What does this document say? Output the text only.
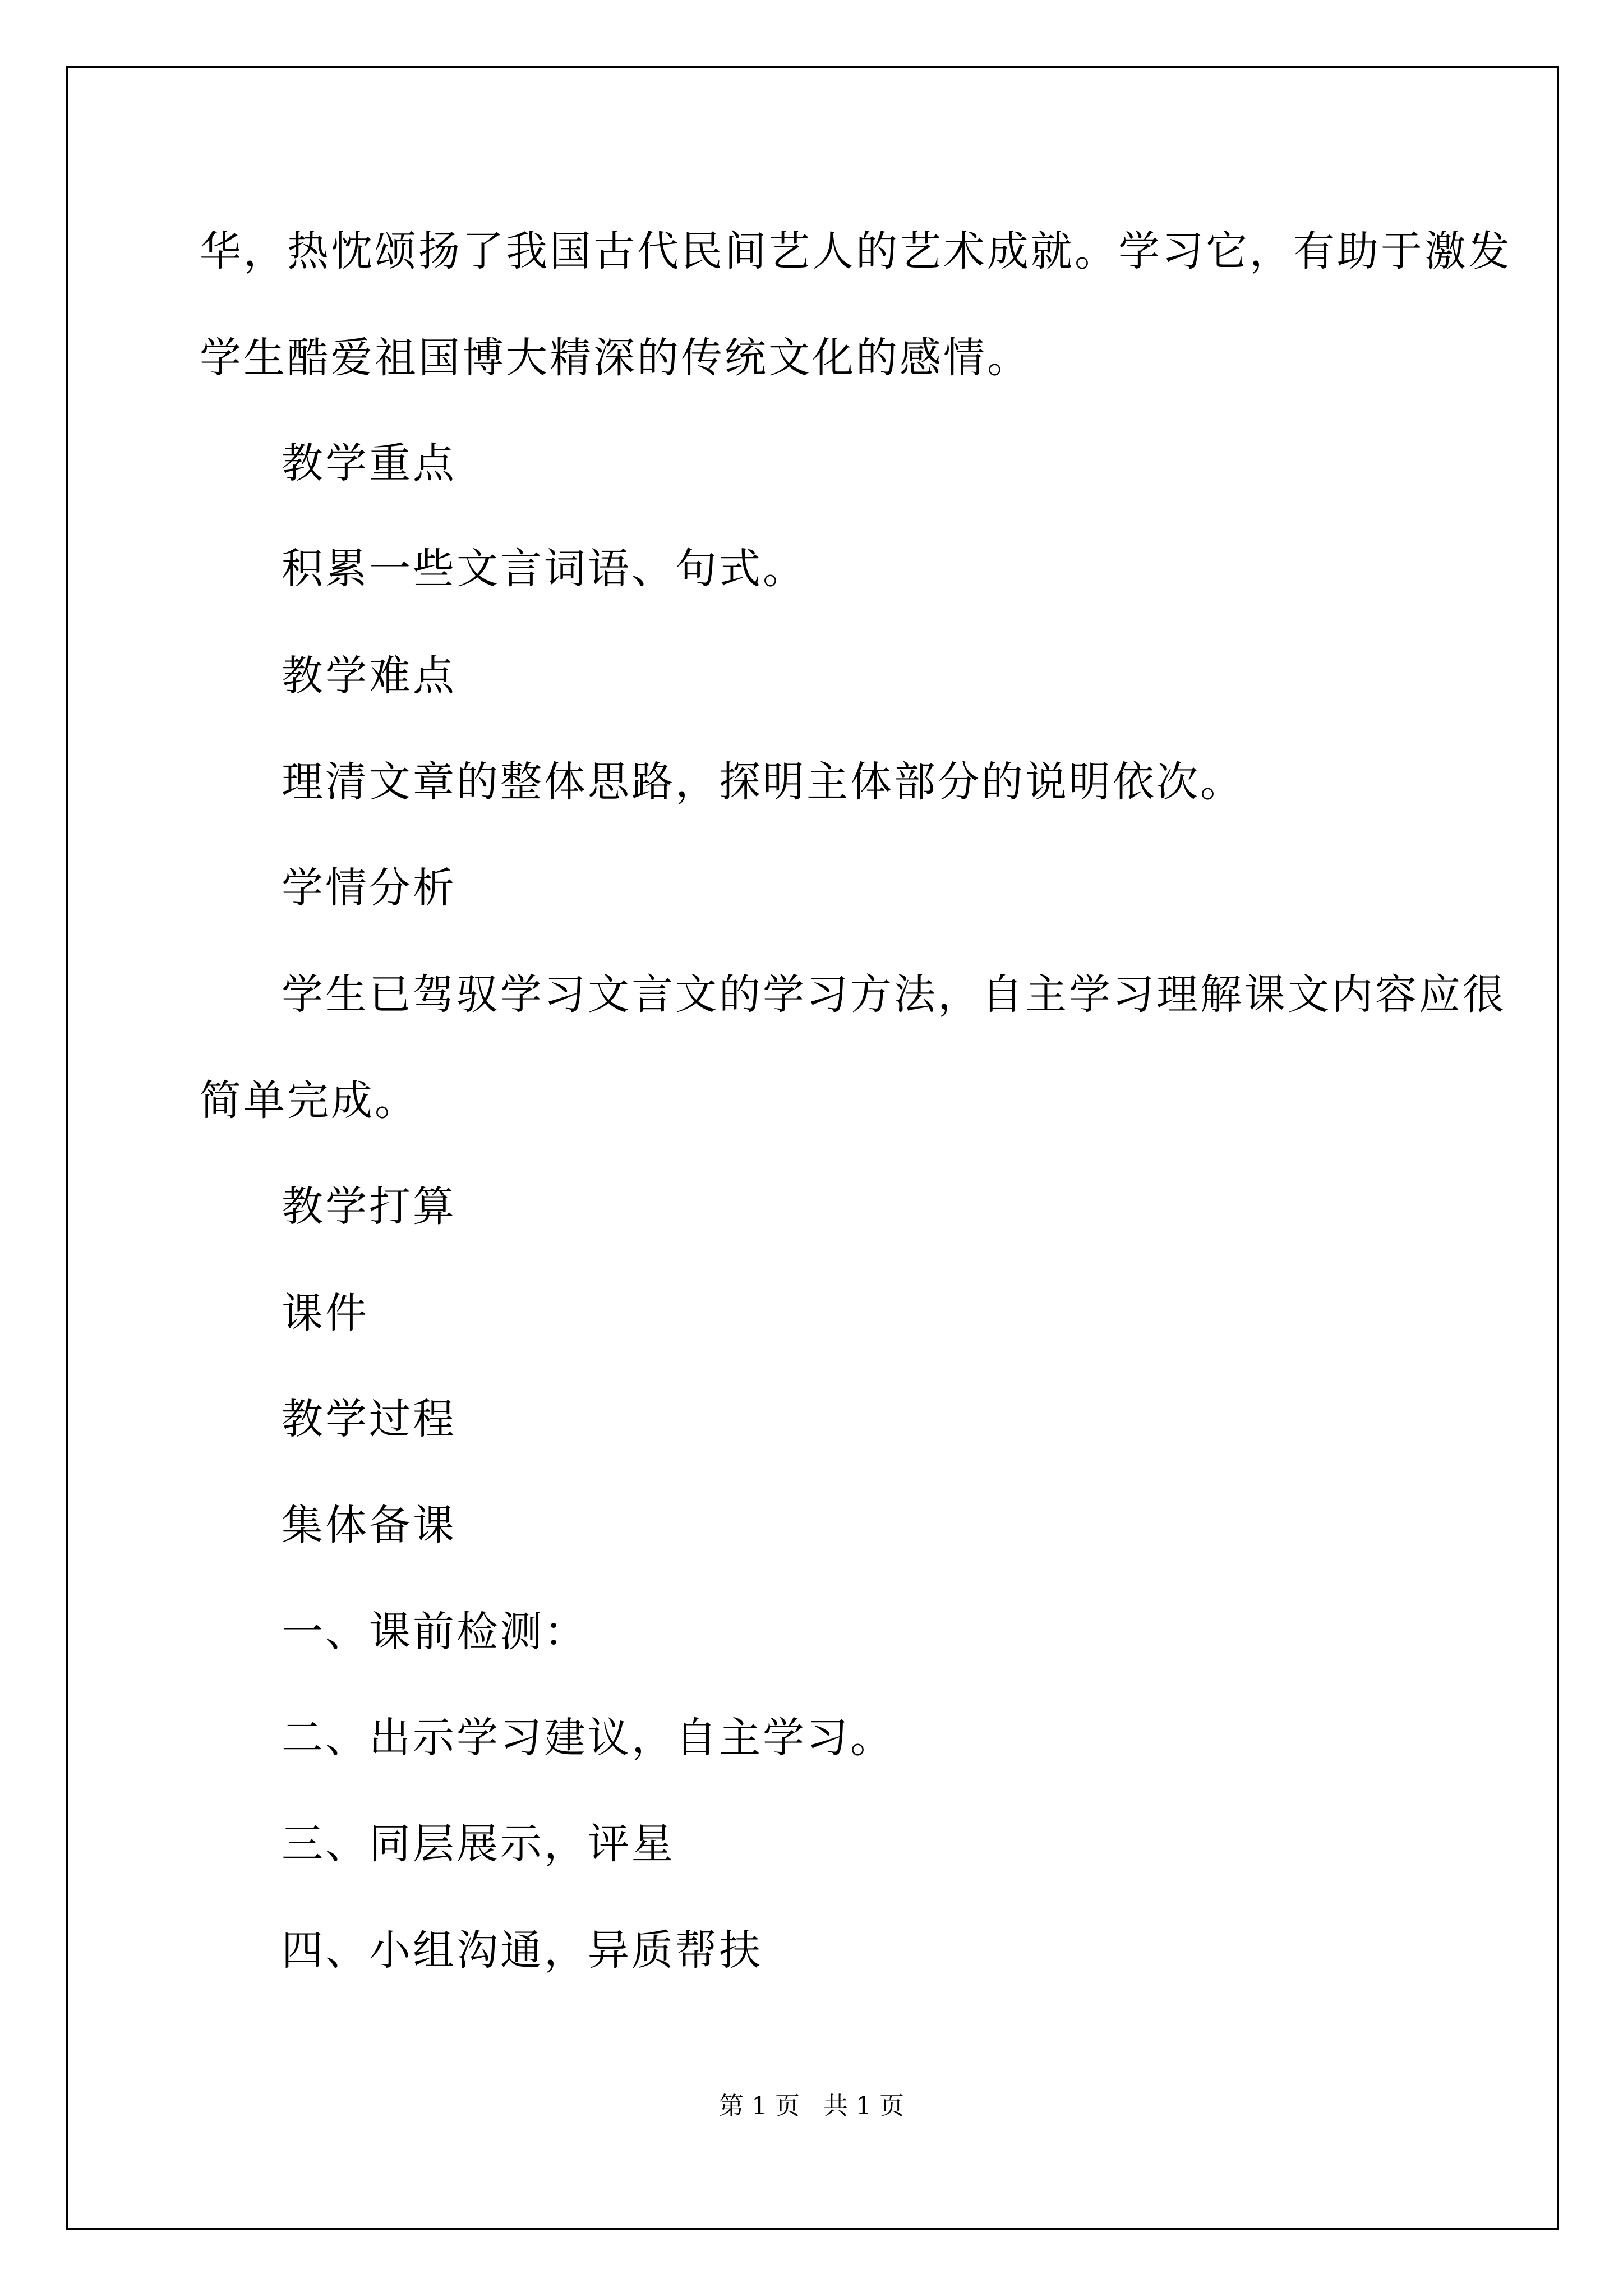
华，热忱颂扬了我国古代民间艺人的艺术成就。学习它，有助于激发
学生酷爱祖国博大精深的传统文化的感情。
教学重点
积累一些文言词语、句式。
教学难点
理清文章的整体思路，探明主体部分的说明依次。
学情分析
学生已驾驭学习文言文的学习方法，自主学习理解课文内容应很
简单完成。
教学打算
课件
教学过程
集体备课
一、课前检测：
二、出示学习建议，自主学习。
三、同层展示，评星
四、小组沟通，异质帮扶
第 1 页   共 1 页
